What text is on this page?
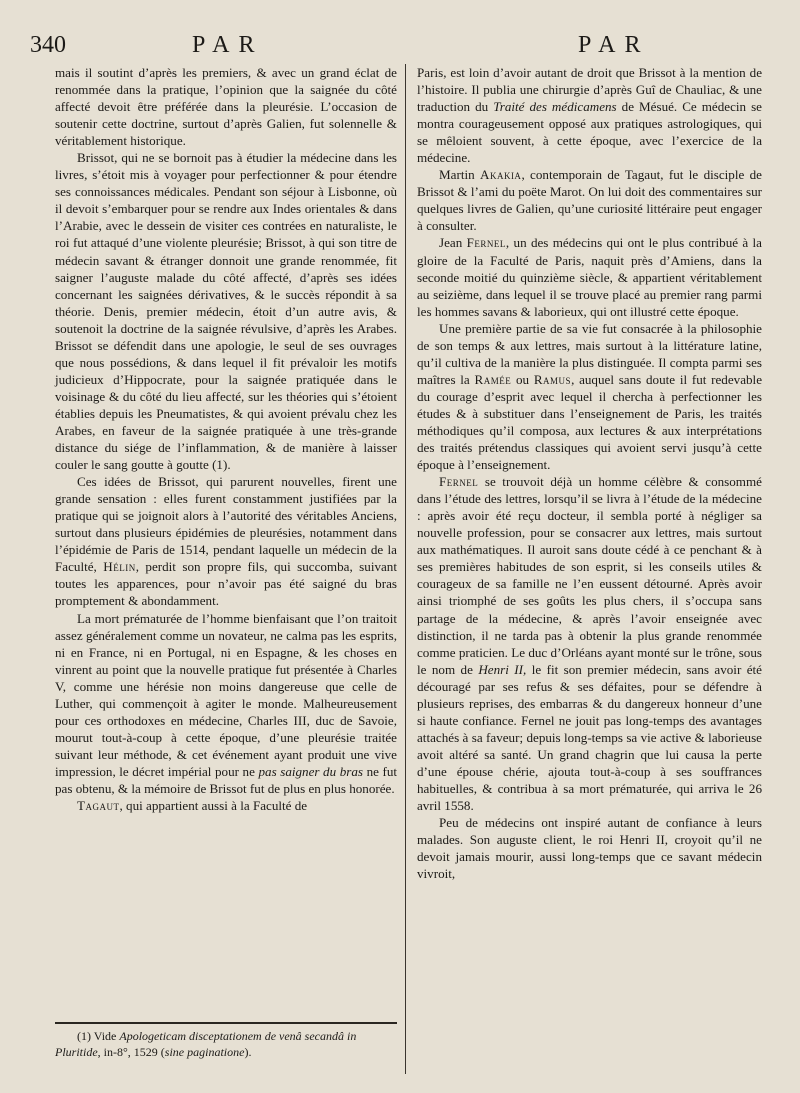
340	PAR	PAR

mais il soutint d’après les premiers, & avec un grand éclat de renommée dans la pratique, l’opinion que la saignée du côté affecté devoit être préférée dans la pleurésie. L’occasion de soutenir cette doctrine, surtout d’après Galien, fut solennelle & véritablement historique.

Brissot, qui ne se bornoit pas à étudier la médecine dans les livres, s’étoit mis à voyager pour perfectionner & pour étendre ses connoissances médicales. Pendant son séjour à Lisbonne, où il devoit s’embarquer pour se rendre aux Indes orientales & dans l’Arabie, avec le dessein de visiter ces contrées en naturaliste, le roi fut attaqué d’une violente pleurésie; Brissot, à qui son titre de médecin savant & étranger donnoit une grande renommée, fit saigner l’auguste malade du côté affecté, d’après ses idées concernant les saignées dérivatives, & le succès répondit à sa théorie. Denis, premier médecin, étoit d’un autre avis, & soutenoit la doctrine de la saignée révulsive, d’après les Arabes. Brissot se défendit dans une apologie, le seul de ses ouvrages que nous possédions, & dans lequel il fit prévaloir les motifs judicieux d’Hippocrate, pour la saignée pratiquée dans le voisinage & du côté du lieu affecté, sur les théories qui s’étoient établies depuis les Pneumatistes, & qui avoient prévalu chez les Arabes, en faveur de la saignée pratiquée à une très-grande distance du siége de l’inflammation, & de manière à laisser couler le sang goutte à goutte (1).

Ces idées de Brissot, qui parurent nouvelles, firent une grande sensation : elles furent constamment justifiées par la pratique qui se joignoit alors à l’autorité des véritables Anciens, surtout dans plusieurs épidémies de pleurésies, notamment dans l’épidémie de Paris de 1514, pendant laquelle un médecin de la Faculté, Hélin, perdit son propre fils, qui succomba, suivant toutes les apparences, pour n’avoir pas été saigné du bras promptement & abondamment.

La mort prématurée de l’homme bienfaisant que l’on traitoit assez généralement comme un novateur, ne calma pas les esprits, ni en France, ni en Portugal, ni en Espagne, & les choses en vinrent au point que la nouvelle pratique fut présentée à Charles V, comme une hérésie non moins dangereuse que celle de Luther, qui commençoit à agiter le monde. Malheureusement pour ces orthodoxes en médecine, Charles III, duc de Savoie, mourut tout-à-coup à cette époque, d’une pleurésie traitée suivant leur méthode, & cet événement ayant produit une vive impression, le décret impérial pour ne pas saigner du bras ne fut pas obtenu, & la mémoire de Brissot fut de plus en plus honorée.

Tagaut, qui appartient aussi à la Faculté de

(1) Vide Apologeticam disceptationem de venâ secandâ in Pluritide, in-8°, 1529 (sine paginatione).

Paris, est loin d’avoir autant de droit que Brissot à la mention de l’histoire. Il publia une chirurgie d’après Guî de Chauliac, & une traduction du Traité des médicamens de Mésué. Ce médecin se montra courageusement opposé aux pratiques astrologiques, qui se mêloient souvent, à cette époque, avec l’exercice de la médecine.

Martin Akakia, contemporain de Tagaut, fut le disciple de Brissot & l’ami du poëte Marot. On lui doit des commentaires sur quelques livres de Galien, qu’une curiosité littéraire peut engager à consulter.

Jean Fernel, un des médecins qui ont le plus contribué à la gloire de la Faculté de Paris, naquit près d’Amiens, dans la seconde moitié du quinzième siècle, & appartient véritablement au seizième, dans lequel il se trouve placé au premier rang parmi les hommes savans & laborieux, qui ont illustré cette époque.

Une première partie de sa vie fut consacrée à la philosophie de son temps & aux lettres, mais surtout à la littérature latine, qu’il cultiva de la manière la plus distinguée. Il compta parmi ses maîtres la Ramée ou Ramus, auquel sans doute il fut redevable du courage d’esprit avec lequel il chercha à perfectionner les études & à substituer dans l’enseignement de Paris, les traités méthodiques qu’il composa, aux lectures & aux interprétations des traités prétendus classiques qui avoient servi jusqu’à cette époque à l’enseignement.

Fernel se trouvoit déjà un homme célèbre & consommé dans l’étude des lettres, lorsqu’il se livra à l’étude de la médecine : après avoir été reçu docteur, il sembla porté à négliger sa nouvelle profession, pour se consacrer aux lettres, mais surtout aux mathématiques. Il auroit sans doute cédé à ce penchant & à ses premières habitudes de son esprit, si les conseils utiles & courageux de sa famille ne l’en eussent détourné. Après avoir ainsi triomphé de ses goûts les plus chers, il s’occupa sans partage de la médecine, & après l’avoir enseignée avec distinction, il ne tarda pas à obtenir la plus grande renommée comme praticien. Le duc d’Orléans ayant monté sur le trône, sous le nom de Henri II, le fit son premier médecin, sans avoir été découragé par ses refus & ses défaites, pour se défendre à plusieurs reprises, des embarras & du dangereux honneur d’une si haute confiance. Fernel ne jouit pas long-temps des avantages attachés à sa faveur; depuis long-temps sa vie active & laborieuse avoit altéré sa santé. Un grand chagrin que lui causa la perte d’une épouse chérie, ajouta tout-à-coup à ses souffrances habituelles, & contribua à sa mort prématurée, qui arriva le 26 avril 1558.

Peu de médecins ont inspiré autant de confiance à leurs malades. Son auguste client, le roi Henri II, croyoit qu’il ne devoit jamais mourir, aussi long-temps que ce savant médecin vivroit,
